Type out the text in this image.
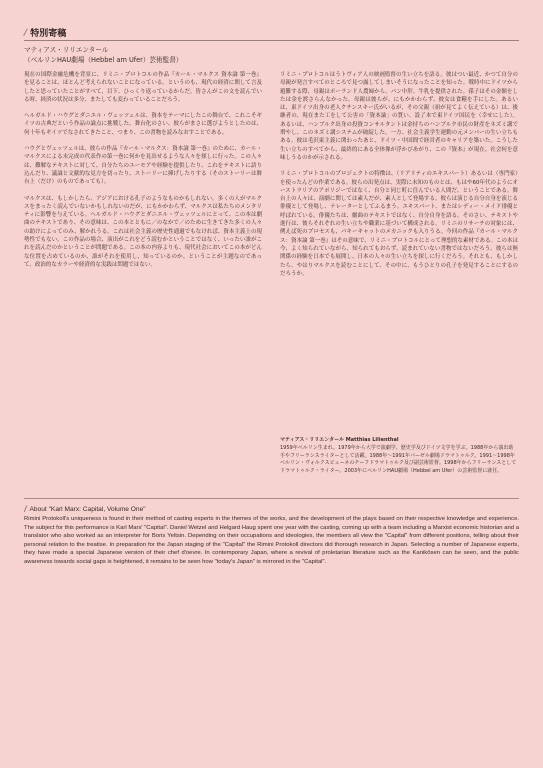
/ 特別寄稿
マティアス・リリエンタール
（ベルリンHAU劇場（Hebbel am Ufer）芸術監督）

現在の国際金融危機を背景に、リミニ・プロトコルの作品『カール・マルクス 資本論 第一巻』を見ることは、ほとんど考えられないことになっている。というのも、現代の経済に関して言及したと思っていたことがすべて、目下、ひっくり返っているからだ。皆さんがこの文を読んでいる時、経済の状況は多分、またしても変わっていることだろう。

ヘルガルド・ハウグとダニエル・ヴェッツェルは、資本をテーマにしたこの舞台で、これこそギイツの古典だという作品の論点に挑戦した。舞台化のさい、彼らがまさに選びようとしたのは、何十年もギイツでなされてきたこと、つまり、この書物を読みなおすことである。

ハウグとヴェッツェルは、彼らの作品『カール・マルクス：資本論 第一巻』のために、カール・マルクスによる未完成の代表作の第一巻に何かを見出せるような人々を探しに行った。この人々は、難解なテキストに対して、自分たちのユーモアや経験を提供したり、これをテキストに語り込んだり、議論と文献的な見方を切ったり、ストーリーに挿げしたりする（そのストーリーは舞台上（だけ）のものであっても）。

マルクスは、もしかしたら、アジアにおける孔子のようなものかもしれない。多くの人がマルクスをまったく読んでいないかもしれないのだが、にもかかわらず、マルクスは私たちのメンタリティに影響を与えている。ヘルガルド・ハウグとダニエル・ヴェッツェルにとって、この本は劇曲のテキストであり、その意味は、この本とともに／のなかで／のために生きてきた多くの人々の助けによってのみ、解かれうる。これは社会主義の歴史性通過でもなければ、資本主義上の現勢性でもない。この作品の場合、演出がこれをどう読むかということではなく、いったい誰がこれを読んだのかということが問題である。この本の内容よりも、現代社会においてこの本がどんな位置を占めているのか、誰がそれを使用し、知っているのか。ということが主題なのであって、政治的なカラーや経済的な実践は問題ではない。

リミニ・プロトコルはうトヴィア人の映画監督の生い立ちを語る。彼はつい最近、かつて自分の母親が発言すべてのところで見つ露してしまいそうになったことを知った。戦時中にドイツから避難する際、母親はポーランド人農婦から、パン中肝、牛乳を提供された。孫子はその金額をしたは金を渡さらんなかった。母親は彼らが、にもかかわらず、彼女は食糧を手にした。あるいは、東ドイツ出身の老人クチンスキー氏がいるが、その父親（祖が見てよく伝えている）は、後継者の、現在また工をして公害の「資本論」の質い、設了本で東ドイツ国民を（幸せにした）。あるいは、ハンブルク出身の投資コンサルタントは金持ちのハンブルク市民の財産をネズミ講で増やし、このネズミ講システムが破綻した。一方、社会主義学生運動の元メンバーの生い立ちもある。彼は毛沢東主義に関わったあと、ドイツ・中国間で経営者のキャリアを築いた。こうした生い立ちのすべてから、最終的にある全体像が浮かびあがり、この『資本』が現在、社会何を意味しうるのかが示される。

リミニ・プロトコルのプロジェクトの特徴は、（リアリティのエキスパート）あるいは（専門家）を使ったんどの作業である。彼らの出発点は、実際に未知のものとは、もはや60年代のようにオーストラリアのアポリジーではなく、自分と同じ町に住んでいる人間だ、ということである。舞台上の人々は、演劇に関しては素人だが、素人として登場する。彼らは演じる自分自身を演じる俳優として登場し、ナレーターとしてふるまう。エキスパート、またはレディー・メイド俳優と呼ばれている。俳優たちは、劇曲のテキストではなく、自分自身を語る。そのさい、テキストや進行は、彼らそれぞれの生い立ちや職業に基づいて構成される。リミニのリサーチの対象には、例えば死のプロセスも、パキーキャットのメカニックも入りうる。今回の作品『カール・マルクス：資本論 第一巻』はその意味で、リミニ・プロトコルにとって理想的な素材である。この本は今、よく知られていながら、知られてもおらず、読まれていない書物ではないだろう。彼らは無関係の経験を日本でも展開し、日本の人々の生い立ちを探しに行くだろう。それとも、もしかしたら、やはりマルクスを読むことにして、その中に、もうひとりの孔子を発見することにするのだろうか。

マティアス・リリエンタール Matthias Lilienthal
1959年ベルリン生まれ。1979年から大学で演劇学、歴史学及びドイツ文学を学ぶ。1988年から演出助手やフリーランスライターとして活躍。1988年〜1991年バーゼル劇場ドラマトゥルク。1991〜1998年ベルリン・ヴォルクスビューネのチーフドラマトゥルク及び副芸術監督。1998年からフリーランスとしてドラマトゥルク・ライター。2003年にベルリンHAU劇場（Hebbel am Ufer）の芸術監督に就任。
/ About "Karl Marx: Capital, Volume One"
Rimini Protokoll's uniqueness is found in their method of casting experts in the themes of the works, and the development of the plays based on their respective knowledge and experience. The subject for this performance is Karl Marx' "Capital". Daniel Wetzel and Helgard Haug spent one year with the casting, coming up with a team including a Marxist economic historian and a translator who also worked as an interpreter for Boris Yeltsin. Depending on their occupations and ideologies, the members all view the "Capital" from different positions, telling about their personal relation to the treatise. In preparation for the Japan staging of the "Capital" the Rimini Protokoll directors did thorough research in Japan. Selecting a number of Japanese experts, they have made a special Japanese version of their chef d'oevre. In contemporary Japan, where a revival of proletarian literature such as the Kanikōsen can be seen, and the public awareness towards social gaps is heightened, it remains to be seen how "today's Japan" is mirrored in the "Capital".
